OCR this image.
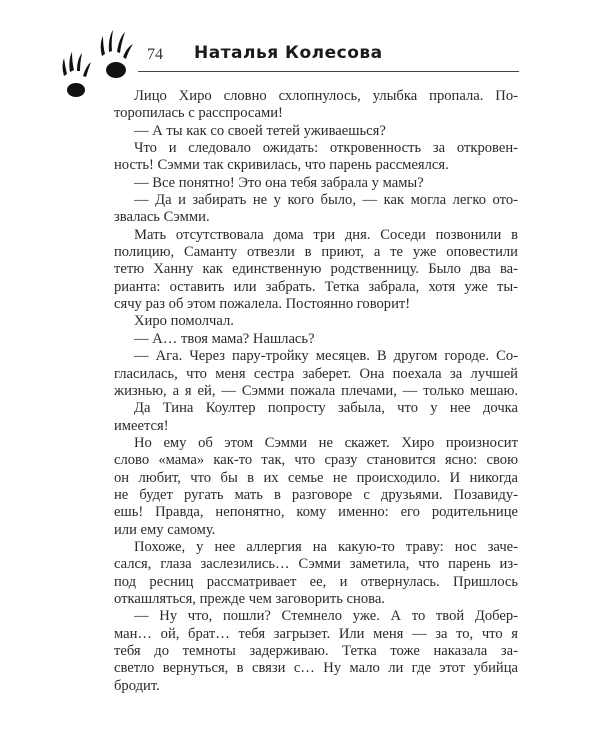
74 Наталья Колесова
Лицо Хиро словно схлопнулось, улыбка пропала. По-
торопилась с расспросами!
— А ты как со своей тетей уживаешься?
Что и следовало ожидать: откровенность за откровен-
ность! Сэмми так скривилась, что парень рассмеялся.
— Все понятно! Это она тебя забрала у мамы?
— Да и забирать не у кого было, — как могла легко ото-
звалась Сэмми.
Мать отсутствовала дома три дня. Соседи позвонили в
полицию, Саманту отвезли в приют, а те уже оповестили
тетю Ханну как единственную родственницу. Было два ва-
рианта: оставить или забрать. Тетка забрала, хотя уже ты-
сячу раз об этом пожалела. Постоянно говорит!
Хиро помолчал.
— А… твоя мама? Нашлась?
— Ага. Через пару-тройку месяцев. В другом городе. Со-
гласилась, что меня сестра заберет. Она поехала за лучшей
жизнью, а я ей, — Сэмми пожала плечами, — только мешаю.
Да Тина Коултер попросту забыла, что у нее дочка
имеется!
Но ему об этом Сэмми не скажет. Хиро произносит
слово «мама» как-то так, что сразу становится ясно: свою
он любит, что бы в их семье не происходило. И никогда
не будет ругать мать в разговоре с друзьями. Позавиду-
ешь! Правда, непонятно, кому именно: его родительнице
или ему самому.
Похоже, у нее аллергия на какую-то траву: нос заче-
сался, глаза заслезились… Сэмми заметила, что парень из-
под ресниц рассматривает ее, и отвернулась. Пришлось
откашляться, прежде чем заговорить снова.
— Ну что, пошли? Стемнело уже. А то твой Добер-
ман… ой, брат… тебя загрызет. Или меня — за то, что я
тебя до темноты задерживаю. Тетка тоже наказала за-
светло вернуться, в связи с… Ну мало ли где этот убийца
бродит.
